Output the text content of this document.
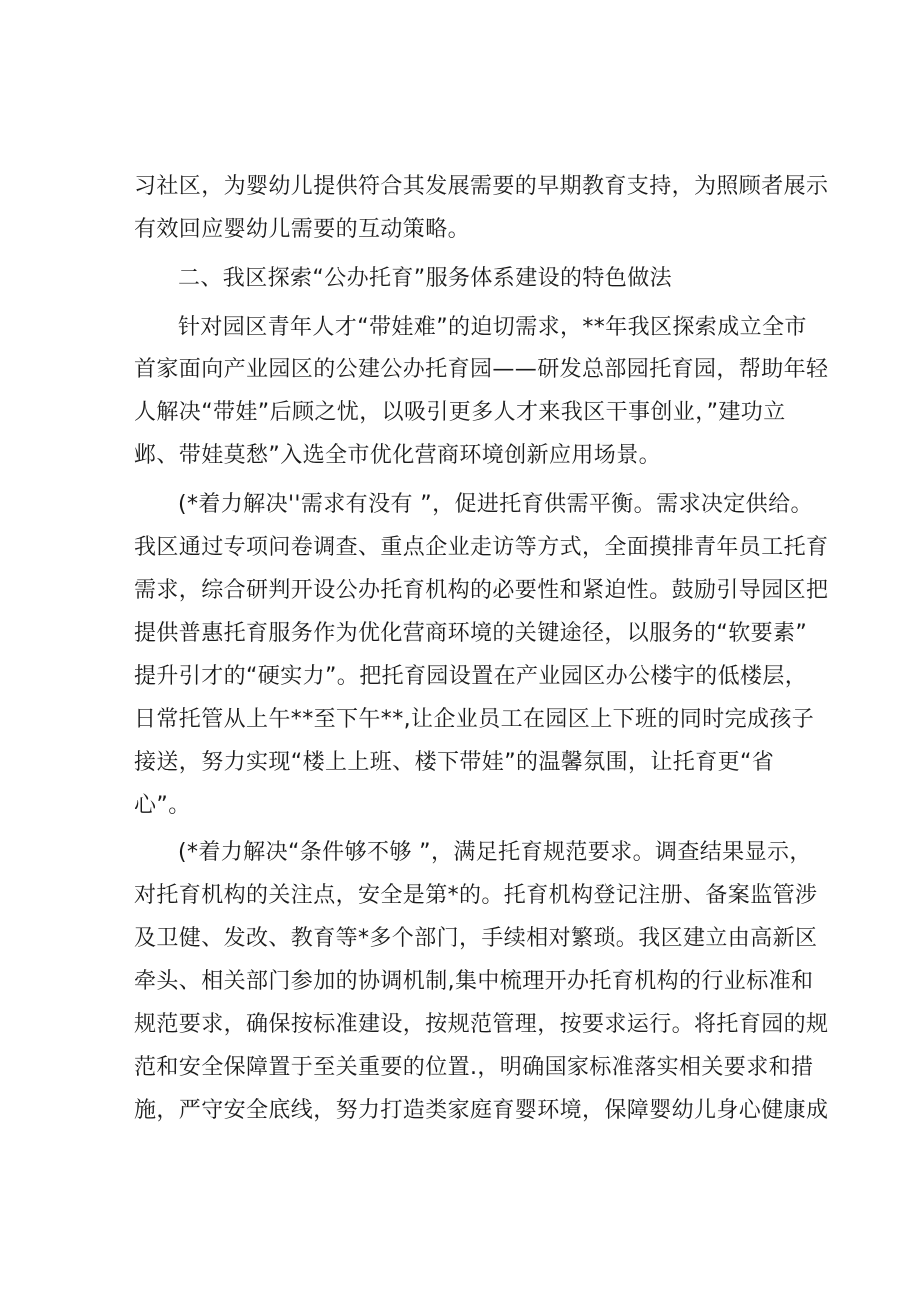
习社区，为婴幼儿提供符合其发展需要的早期教育支持，为照顾者展示
有效回应婴幼儿需要的互动策略。
二、我区探索“公办托育”服务体系建设的特色做法
针对园区青年人才“带娃难”的迫切需求，**年我区探索成立全市
首家面向产业园区的公建公办托育园——研发总部园托育园，帮助年轻
人解决“带娃”后顾之忧，以吸引更多人才来我区干事创业，”建功立
邺、带娃莫愁”入选全市优化营商环境创新应用场景。
(*着力解决''需求有没有 ”，促进托育供需平衡。需求决定供给。
我区通过专项问卷调查、重点企业走访等方式，全面摸排青年员工托育
需求，综合研判开设公办托育机构的必要性和紧迫性。鼓励引导园区把
提供普惠托育服务作为优化营商环境的关键途径，以服务的“软要素”
提升引才的“硬实力”。把托育园设置在产业园区办公楼宇的低楼层，
日常托管从上午**至下午**,让企业员工在园区上下班的同时完成孩子
接送，努力实现“楼上上班、楼下带娃”的温馨氛围，让托育更“省
心”。
(*着力解决“条件够不够 ”，满足托育规范要求。调查结果显示，
对托育机构的关注点，安全是第*的。托育机构登记注册、备案监管涉
及卫健、发改、教育等*多个部门，手续相对繁琐。我区建立由高新区
牵头、相关部门参加的协调机制,集中梳理开办托育机构的行业标准和
规范要求，确保按标准建设，按规范管理，按要求运行。将托育园的规
范和安全保障置于至关重要的位置.，明确国家标准落实相关要求和措
施，严守安全底线，努力打造类家庭育婴环境，保障婴幼儿身心健康成
